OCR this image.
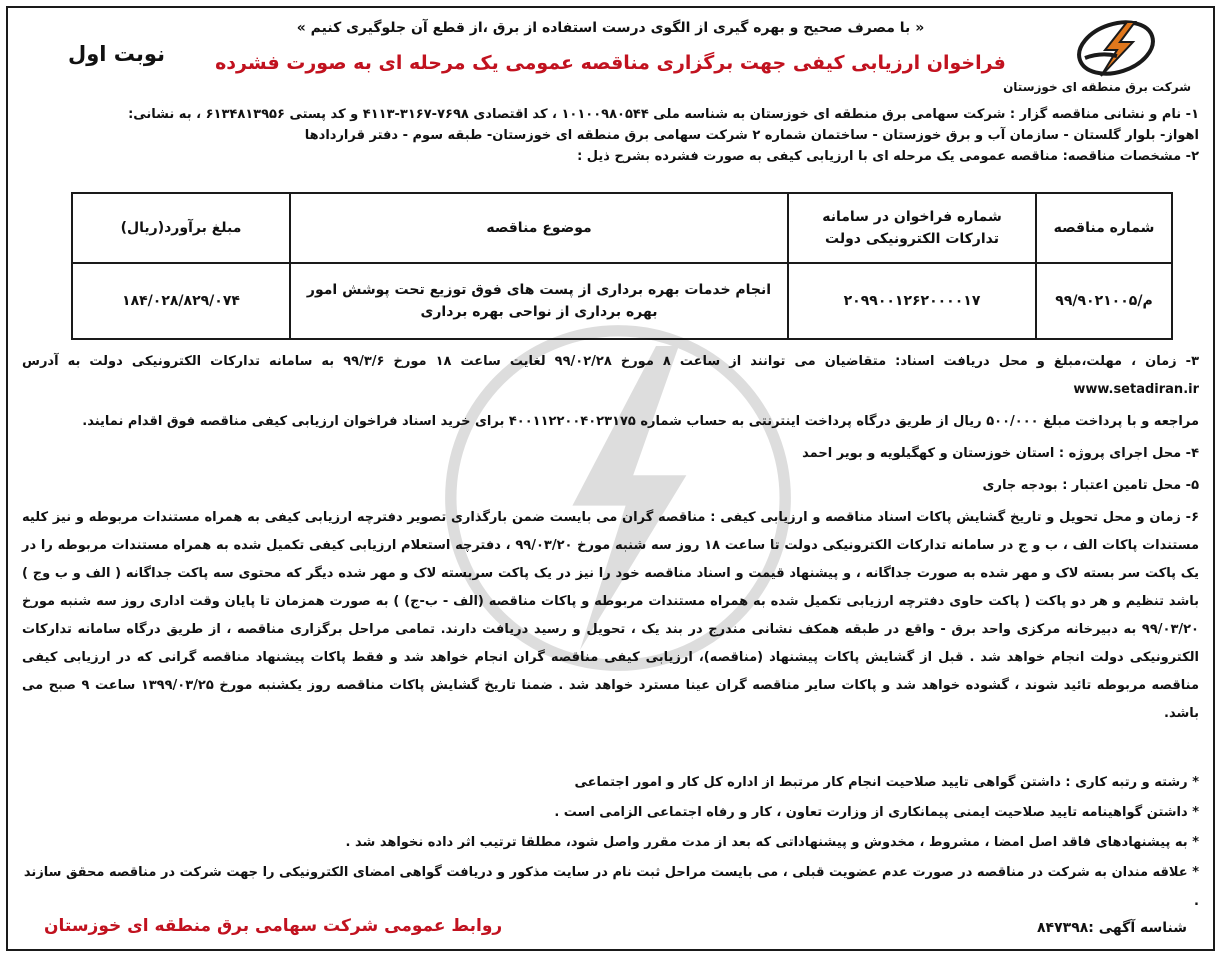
شرکت برق منطقه ای خوزستان
« با مصرف صحیح و بهره گیری از الگوی درست استفاده از برق ،از قطع آن جلوگیری کنیم »
فراخوان ارزیابی کیفی جهت برگزاری مناقصه عمومی یک مرحله ای به صورت فشرده
نوبت اول

۱- نام و نشانی مناقصه گزار : شرکت سهامی برق منطقه ای خوزستان به شناسه ملی ۱۰۱۰۰۹۸۰۵۴۴ ، کد اقتصادی ۷۶۹۸-۳۱۶۷-۴۱۱۳ و کد پستی ۶۱۳۴۸۱۳۹۵۶ ، به نشانی:

اهواز- بلوار گلستان - سازمان آب و برق خوزستان - ساختمان شماره ۲ شرکت سهامی برق منطقه ای خوزستان- طبقه سوم - دفتر قراردادها

۲- مشخصات مناقصه: مناقصه عمومی یک مرحله ای با ارزیابی کیفی به صورت فشرده بشرح ذیل :

شماره مناقصه	شماره فراخوان در سامانه تدارکات الکترونیکی دولت	موضوع مناقصه	مبلغ برآورد(ریال)
م/۹۹/۹۰۲۱۰۰۵	۲۰۹۹۰۰۱۲۶۲۰۰۰۰۱۷	انجام خدمات بهره برداری از پست های فوق توزیع تحت پوشش امور بهره برداری از نواحی بهره برداری	۱۸۴/۰۲۸/۸۲۹/۰۷۴

۳- زمان ، مهلت،مبلغ و محل دریافت اسناد: متقاضیان می توانند از ساعت ۸ مورخ ۹۹/۰۲/۲۸ لغایت ساعت ۱۸ مورخ ۹۹/۳/۶ به سامانه تدارکات الکترونیکی دولت به آدرس www.setadiran.ir

مراجعه و با پرداخت مبلغ ۵۰۰/۰۰۰ ریال از طریق درگاه پرداخت اینترنتی به حساب شماره ۴۰۰۱۱۲۲۰۰۴۰۲۳۱۷۵ برای خرید اسناد فراخوان ارزیابی کیفی مناقصه فوق اقدام نمایند.

۴- محل اجرای پروژه : استان خوزستان و کهگیلویه و بویر احمد

۵- محل تامین اعتبار : بودجه جاری

۶- زمان و محل تحویل و تاریخ گشایش پاکات اسناد مناقصه و ارزیابی کیفی : مناقصه گران می بایست ضمن بارگذاری تصویر دفترچه ارزیابی کیفی به همراه مستندات مربوطه و نیز کلیه مستندات پاکات الف ، ب و ج در سامانه تدارکات الکترونیکی دولت تا ساعت ۱۸ روز سه شنبه مورخ ۹۹/۰۳/۲۰ ، دفترچه استعلام ارزیابی کیفی تکمیل شده به همراه مستندات مربوطه را در یک پاکت سر بسته لاک و مهر شده به صورت جداگانه ، و پیشنهاد قیمت و اسناد مناقصه خود را نیز در یک پاکت سربسته لاک و مهر شده دیگر که محتوی سه پاکت جداگانه ( الف و ب وج ) باشد تنظیم و هر دو پاکت ( پاکت حاوی دفترچه ارزیابی تکمیل شده به همراه مستندات مربوطه و پاکات مناقصه (الف - ب-ج) ) به صورت همزمان تا پایان وقت اداری روز سه شنبه مورخ ۹۹/۰۳/۲۰ به دبیرخانه مرکزی واحد برق - واقع در طبقه همکف نشانی مندرج در بند یک ، تحویل و رسید دریافت دارند. تمامی مراحل برگزاری مناقصه ، از طریق درگاه سامانه تدارکات الکترونیکی دولت انجام خواهد شد . قبل از گشایش پاکات پیشنهاد (مناقصه)، ارزیابی کیفی مناقصه گران انجام خواهد شد و فقط پاکات پیشنهاد مناقصه گرانی که در ارزیابی کیفی مناقصه مربوطه تائید شوند ، گشوده خواهد شد و پاکات سایر مناقصه گران عینا مسترد خواهد شد . ضمنا تاریخ گشایش پاکات مناقصه روز یکشنبه مورخ ۱۳۹۹/۰۳/۲۵ ساعت ۹ صبح می باشد.

* رشته و رتبه کاری : داشتن گواهی تایید صلاحیت انجام کار مرتبط از اداره کل کار و امور اجتماعی

* داشتن گواهینامه تایید صلاحیت ایمنی پیمانکاری از وزارت تعاون ، کار و رفاه اجتماعی الزامی است .

* به پیشنهادهای فاقد اصل امضا ، مشروط ، مخدوش و پیشنهاداتی که بعد از مدت مقرر واصل شود، مطلقا ترتیب اثر داده نخواهد شد .

* علاقه مندان به شرکت در مناقصه در صورت عدم عضویت قبلی ، می بایست مراحل ثبت نام در سایت مذکور و دریافت گواهی امضای الکترونیکی را جهت شرکت در مناقصه محقق سازند .

شناسه آگهی :۸۴۷۳۹۸
روابط عمومی شرکت سهامی برق منطقه ای خوزستان
